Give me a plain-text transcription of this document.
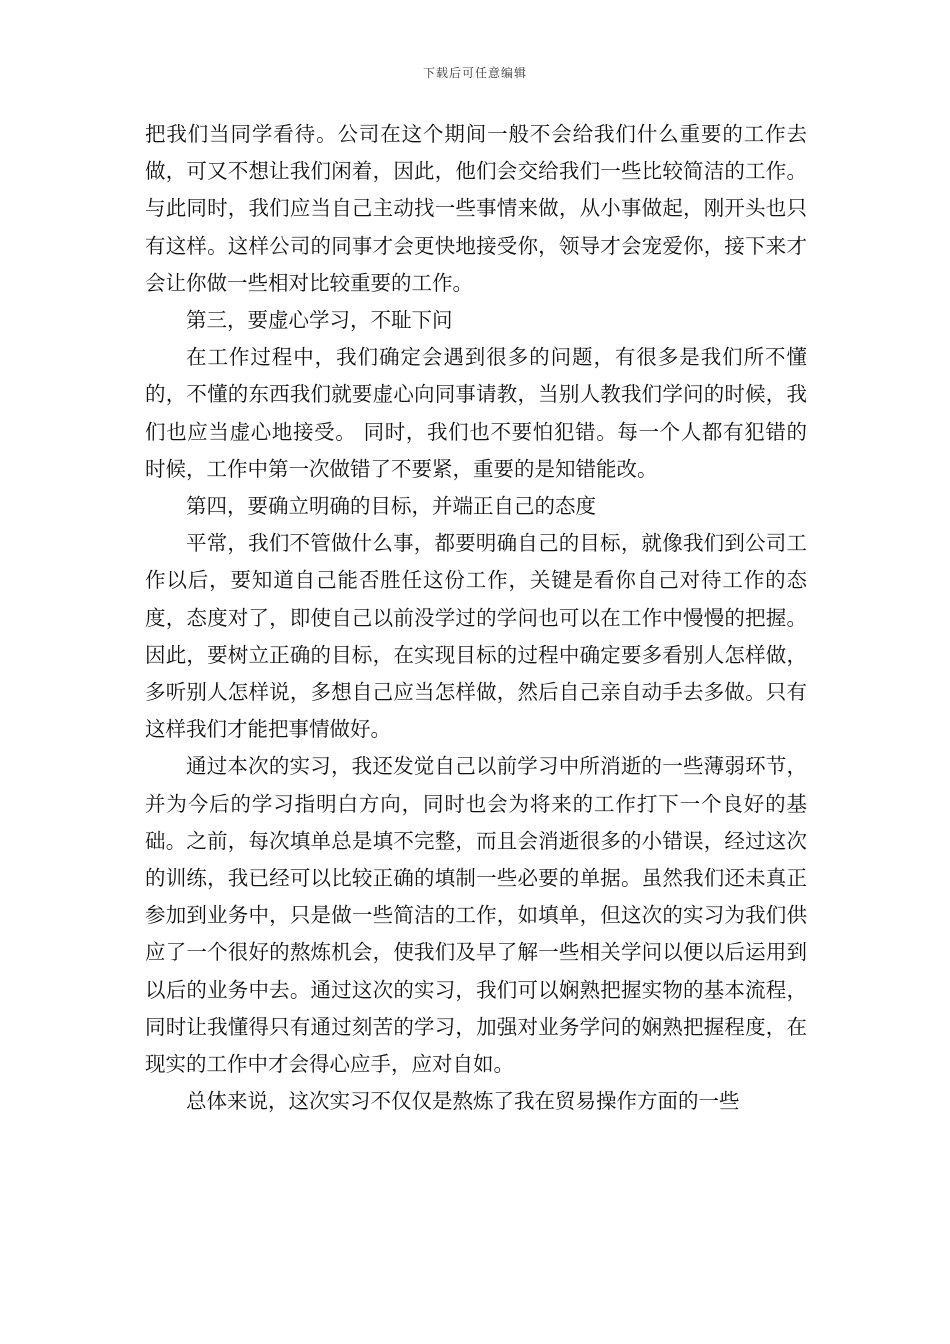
下载后可任意编辑

把我们当同学看待。公司在这个期间一般不会给我们什么重要的工作去做，可又不想让我们闲着，因此，他们会交给我们一些比较简洁的工作。与此同时，我们应当自己主动找一些事情来做，从小事做起，刚开头也只有这样。这样公司的同事才会更快地接受你，领导才会宠爱你，接下来才会让你做一些相对比较重要的工作。

第三，要虚心学习，不耻下问

在工作过程中，我们确定会遇到很多的问题，有很多是我们所不懂的，不懂的东西我们就要虚心向同事请教，当别人教我们学问的时候，我们也应当虚心地接受。 同时，我们也不要怕犯错。每一个人都有犯错的时候，工作中第一次做错了不要紧，重要的是知错能改。

第四，要确立明确的目标，并端正自己的态度

平常，我们不管做什么事，都要明确自己的目标，就像我们到公司工作以后，要知道自己能否胜任这份工作，关键是看你自己对待工作的态度，态度对了，即使自己以前没学过的学问也可以在工作中慢慢的把握。因此，要树立正确的目标，在实现目标的过程中确定要多看别人怎样做，多听别人怎样说，多想自己应当怎样做，然后自己亲自动手去多做。只有这样我们才能把事情做好。

通过本次的实习，我还发觉自己以前学习中所消逝的一些薄弱环节，并为今后的学习指明白方向，同时也会为将来的工作打下一个良好的基础。之前，每次填单总是填不完整，而且会消逝很多的小错误，经过这次的训练，我已经可以比较正确的填制一些必要的单据。虽然我们还未真正参加到业务中，只是做一些简洁的工作，如填单，但这次的实习为我们供应了一个很好的熬炼机会，使我们及早了解一些相关学问以便以后运用到以后的业务中去。通过这次的实习，我们可以娴熟把握实物的基本流程，同时让我懂得只有通过刻苦的学习，加强对业务学问的娴熟把握程度，在现实的工作中才会得心应手，应对自如。

总体来说，这次实习不仅仅是熬炼了我在贸易操作方面的一些
